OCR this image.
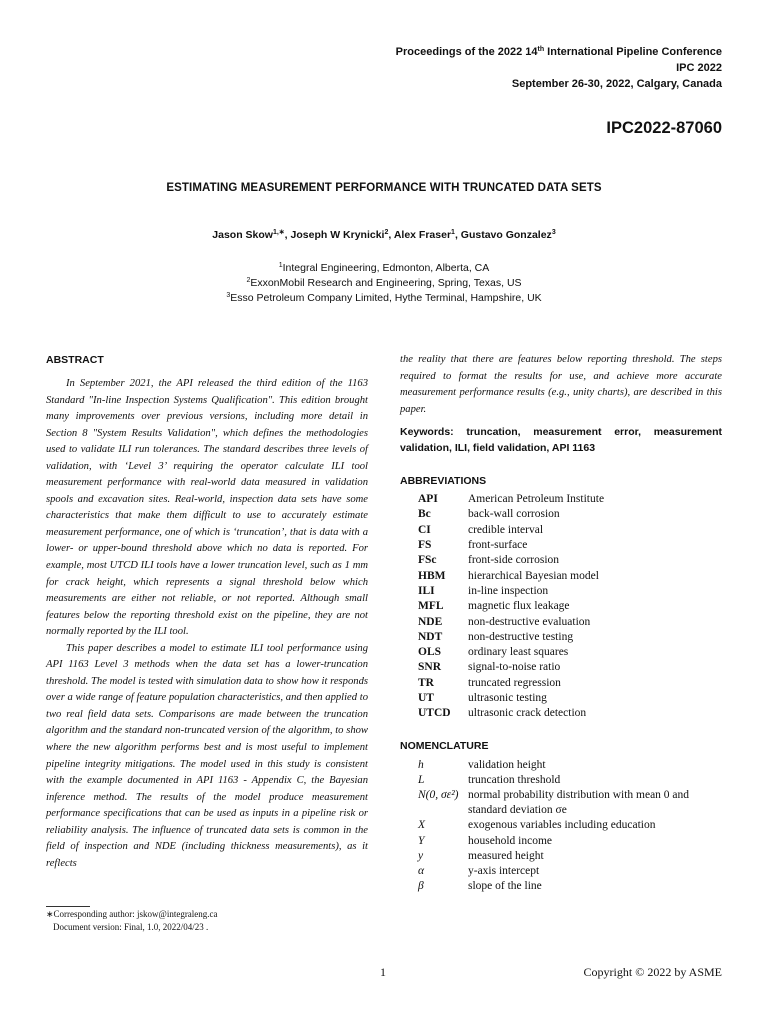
Proceedings of the 2022 14th International Pipeline Conference
IPC 2022
September 26-30, 2022, Calgary, Canada
IPC2022-87060
ESTIMATING MEASUREMENT PERFORMANCE WITH TRUNCATED DATA SETS
Jason Skow$^{1,∗}$, Joseph W Krynicki$^2$, Alex Fraser$^1$, Gustavo Gonzalez$^3$
$^1$Integral Engineering, Edmonton, Alberta, CA
$^2$ExxonMobil Research and Engineering, Spring, Texas, US
$^3$Esso Petroleum Company Limited, Hythe Terminal, Hampshire, UK

ABSTRACT

In September 2021, the API released the third edition of the 1163 Standard "In-line Inspection Systems Qualification". This edition brought many improvements over previous versions, including more detail in Section 8 "System Results Validation", which defines the methodologies used to validate ILI run tolerances. The standard describes three levels of validation, with ‘Level 3’ requiring the operator calculate ILI tool measurement performance with real-world data measured in validation spools and excavation sites. Real-world, inspection data sets have some characteristics that make them difficult to use to accurately estimate measurement performance, one of which is ‘truncation’, that is data with a lower- or upper-bound threshold above which no data is reported. For example, most UTCD ILI tools have a lower truncation level, such as 1 mm for crack height, which represents a signal threshold below which measurements are either not reliable, or not reported. Although small features below the reporting threshold exist on the pipeline, they are not normally reported by the ILI tool.

This paper describes a model to estimate ILI tool performance using API 1163 Level 3 methods when the data set has a lower-truncation threshold. The model is tested with simulation data to show how it responds over a wide range of feature population characteristics, and then applied to two real field data sets. Comparisons are made between the truncation algorithm and the standard non-truncated version of the algorithm, to show where the new algorithm performs best and is most useful to implement pipeline integrity mitigations. The model used in this study is consistent with the example documented in API 1163 - Appendix C, the Bayesian inference method. The results of the model produce measurement performance specifications that can be used as inputs in a pipeline risk or reliability analysis. The influence of truncated data sets is common in the field of inspection and NDE (including thickness measurements), as it reflects

the reality that there are features below reporting threshold. The steps required to format the results for use, and achieve more accurate measurement performance results (e.g., unity charts), are described in this paper.

Keywords: truncation, measurement error, measurement validation, ILI, field validation, API 1163

ABBREVIATIONS

API	American Petroleum Institute
Bc	back-wall corrosion
CI	credible interval
FS	front-surface
FSc	front-side corrosion
HBM	hierarchical Bayesian model
ILI	in-line inspection
MFL	magnetic flux leakage
NDE	non-destructive evaluation
NDT	non-destructive testing
OLS	ordinary least squares
SNR	signal-to-noise ratio
TR	truncated regression
UT	ultrasonic testing
UTCD	ultrasonic crack detection

NOMENCLATURE

h	validation height
L	truncation threshold
N(0, σε²)	normal probability distribution with mean 0 and standard deviation σe
X	exogenous variables including education
Y	household income
y	measured height
α	y-axis intercept
β	slope of the line
∗Corresponding author: jskow@integraleng.ca
Document version: Final, 1.0, 2022/04/23 .
1	Copyright © 2022 by ASME
